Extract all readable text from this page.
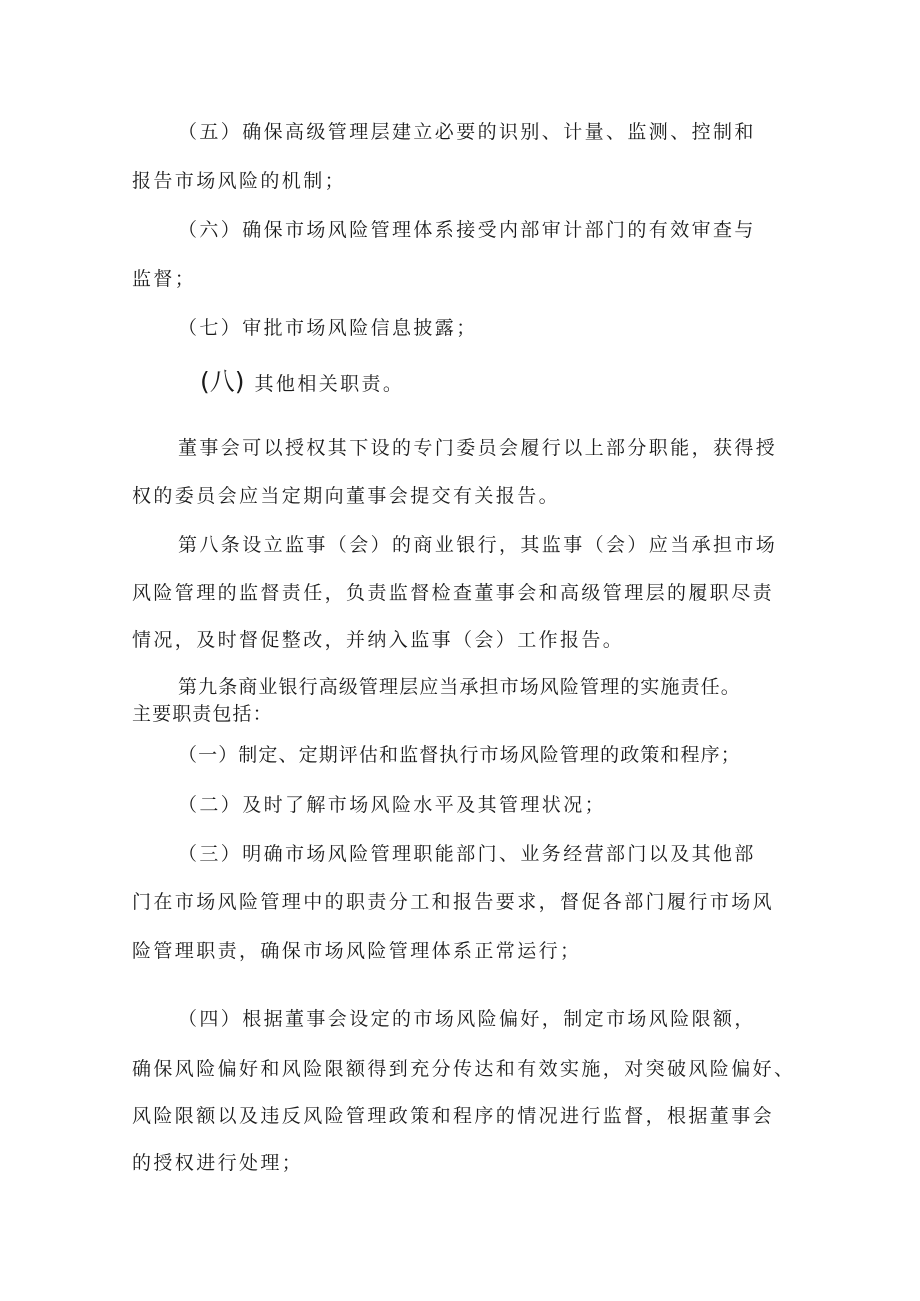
（五）确保高级管理层建立必要的识别、计量、监测、控制和
报告市场风险的机制；
（六）确保市场风险管理体系接受内部审计部门的有效审查与
监督；
（七）审批市场风险信息披露；
(八) 其他相关职责。
董事会可以授权其下设的专门委员会履行以上部分职能，获得授
权的委员会应当定期向董事会提交有关报告。
第八条设立监事（会）的商业银行，其监事（会）应当承担市场
风险管理的监督责任，负责监督检查董事会和高级管理层的履职尽责
情况，及时督促整改，并纳入监事（会）工作报告。
第九条商业银行高级管理层应当承担市场风险管理的实施责任。
主要职责包括：
（一）制定、定期评估和监督执行市场风险管理的政策和程序；
（二）及时了解市场风险水平及其管理状况；
（三）明确市场风险管理职能部门、业务经营部门以及其他部
门在市场风险管理中的职责分工和报告要求，督促各部门履行市场风
险管理职责，确保市场风险管理体系正常运行；
（四）根据董事会设定的市场风险偏好，制定市场风险限额，
确保风险偏好和风险限额得到充分传达和有效实施，对突破风险偏好、
风险限额以及违反风险管理政策和程序的情况进行监督，根据董事会
的授权进行处理；
